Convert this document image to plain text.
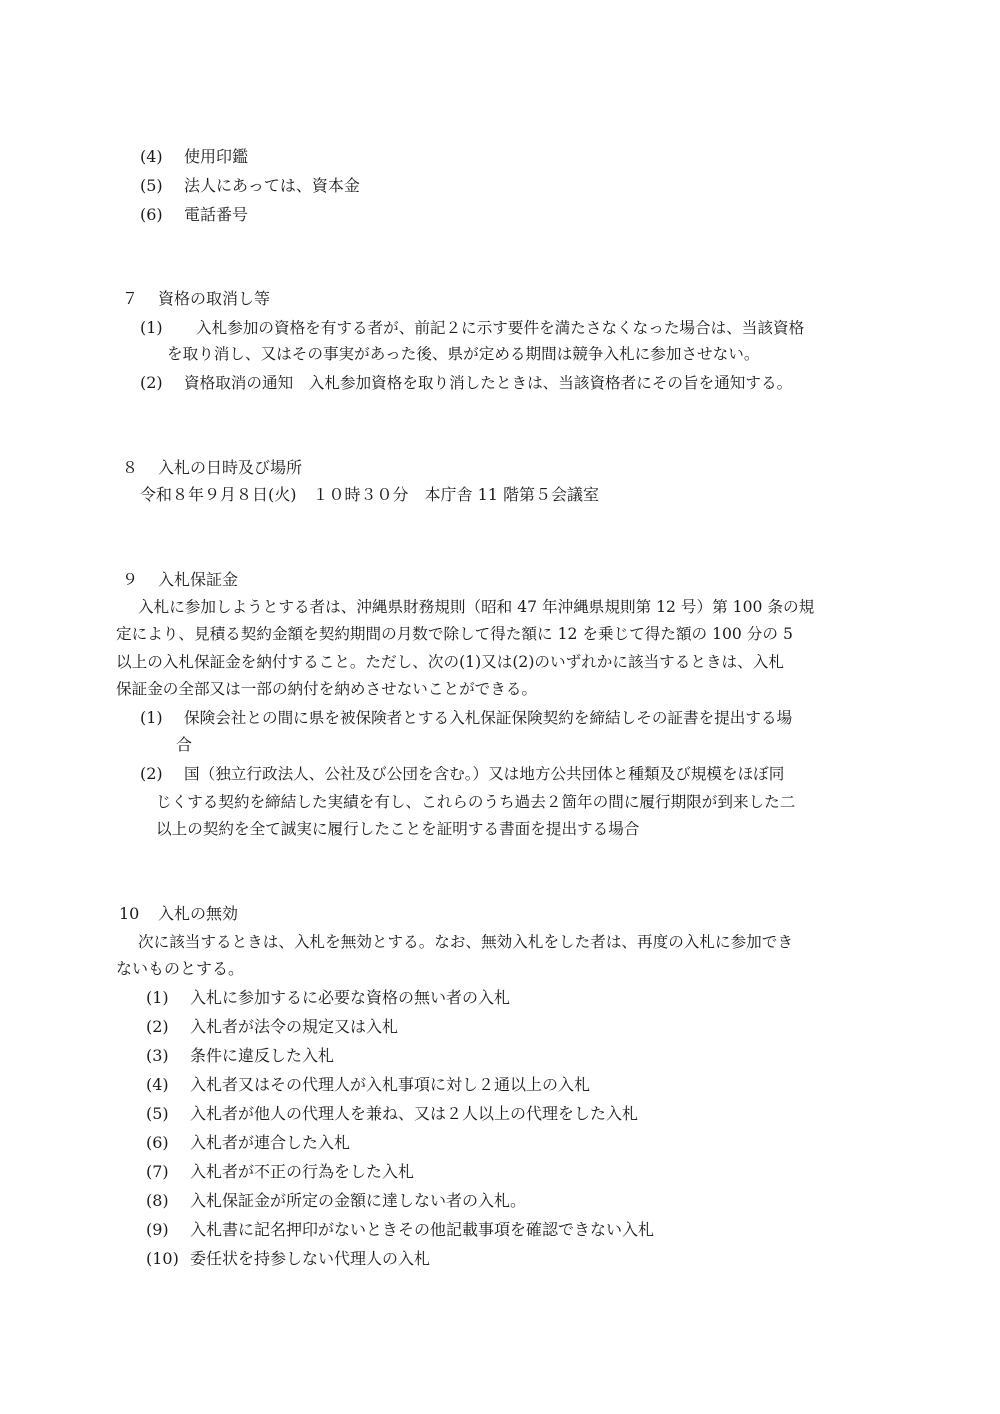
(4) 使用印鑑
(5) 法人にあっては、資本金
(6) 電話番号
７ 資格の取消し等
(1) 入札参加の資格を有する者が、前記２に示す要件を満たさなくなった場合は、当該資格
を取り消し、又はその事実があった後、県が定める期間は競争入札に参加させない。
(2) 資格取消の通知　入札参加資格を取り消したときは、当該資格者にその旨を通知する。
８ 入札の日時及び場所
令和８年９月８日(火)　１０時３０分　本庁舎 11 階第５会議室
９ 入札保証金
入札に参加しようとする者は、沖縄県財務規則（昭和 47 年沖縄県規則第 12 号）第 100 条の規
定により、見積る契約金額を契約期間の月数で除して得た額に 12 を乗じて得た額の 100 分の 5
以上の入札保証金を納付すること。ただし、次の(1)又は(2)のいずれかに該当するときは、入札
保証金の全部又は一部の納付を納めさせないことができる。
(1) 保険会社との間に県を被保険者とする入札保証保険契約を締結しその証書を提出する場
合
(2) 国（独立行政法人、公社及び公団を含む。）又は地方公共団体と種類及び規模をほぼ同
じくする契約を締結した実績を有し、これらのうち過去２箇年の間に履行期限が到来した二
以上の契約を全て誠実に履行したことを証明する書面を提出する場合
10 入札の無効
次に該当するときは、入札を無効とする。なお、無効入札をした者は、再度の入札に参加でき
ないものとする。
(1) 入札に参加するに必要な資格の無い者の入札
(2) 入札者が法令の規定又は入札
(3) 条件に違反した入札
(4) 入札者又はその代理人が入札事項に対し２通以上の入札
(5) 入札者が他人の代理人を兼ね、又は２人以上の代理をした入札
(6) 入札者が連合した入札
(7) 入札者が不正の行為をした入札
(8) 入札保証金が所定の金額に達しない者の入札。
(9) 入札書に記名押印がないときその他記載事項を確認できない入札
(10) 委任状を持参しない代理人の入札
